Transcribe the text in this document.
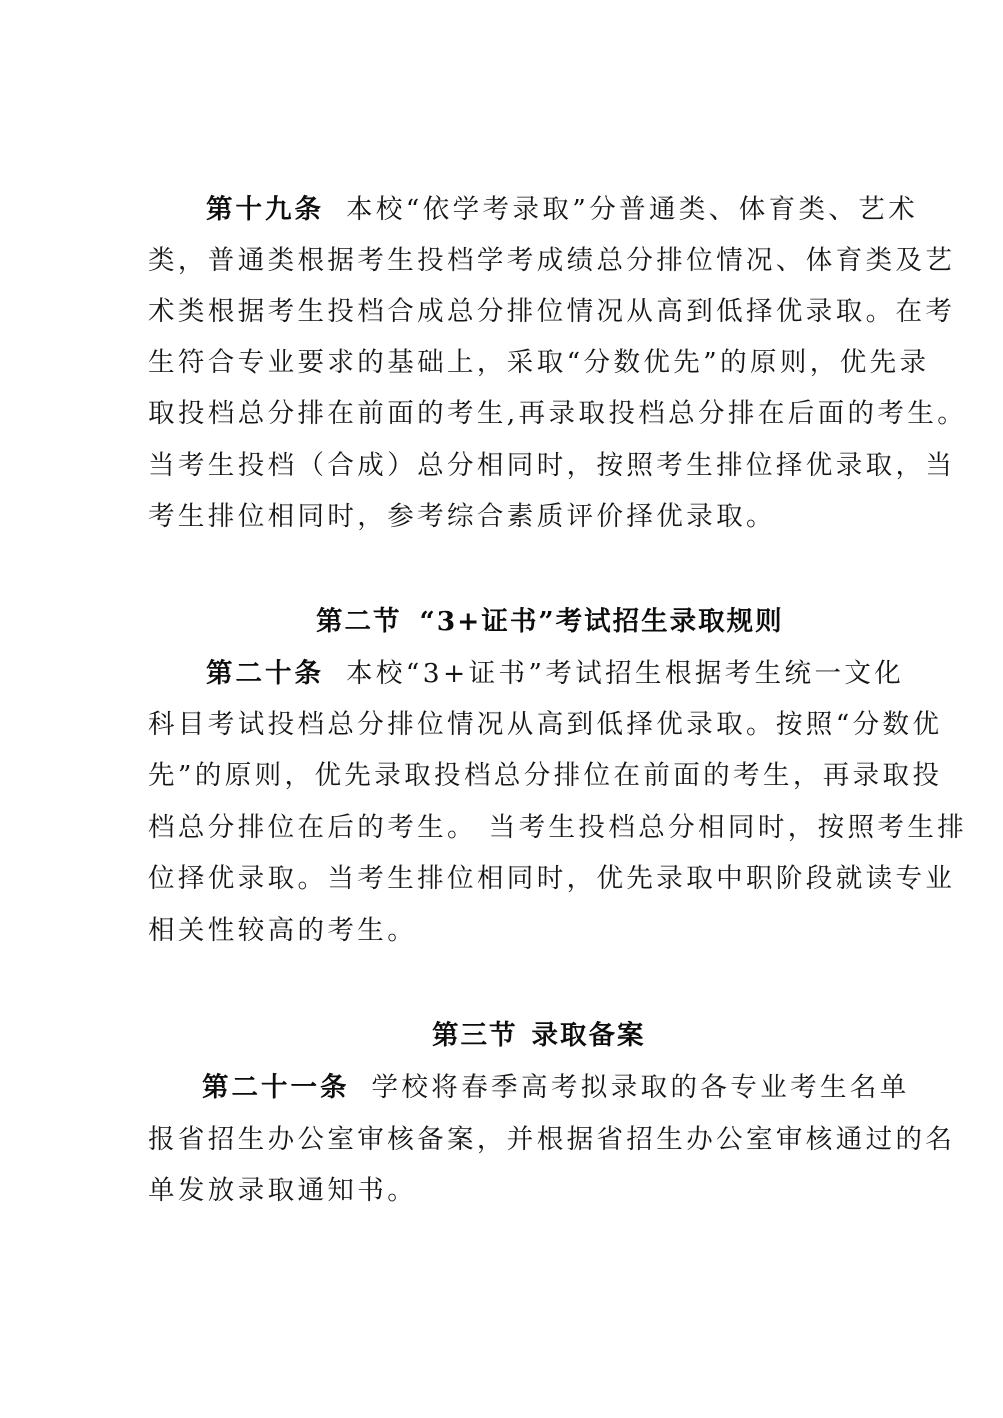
第十九条 本校“依学考录取”分普通类、体育类、艺术
类，普通类根据考生投档学考成绩总分排位情况、体育类及艺
术类根据考生投档合成总分排位情况从高到低择优录取。在考
生符合专业要求的基础上，采取“分数优先”的原则，优先录
取投档总分排在前面的考生,再录取投档总分排在后面的考生。
当考生投档（合成）总分相同时，按照考生排位择优录取，当
考生排位相同时，参考综合素质评价择优录取。
第二节 “3+证书”考试招生录取规则
第二十条 本校“3+证书”考试招生根据考生统一文化
科目考试投档总分排位情况从高到低择优录取。按照“分数优
先”的原则，优先录取投档总分排位在前面的考生，再录取投
档总分排位在后的考生。 当考生投档总分相同时，按照考生排
位择优录取。当考生排位相同时，优先录取中职阶段就读专业
相关性较高的考生。
第三节 录取备案
第二十一条 学校将春季高考拟录取的各专业考生名单
报省招生办公室审核备案，并根据省招生办公室审核通过的名
单发放录取通知书。
